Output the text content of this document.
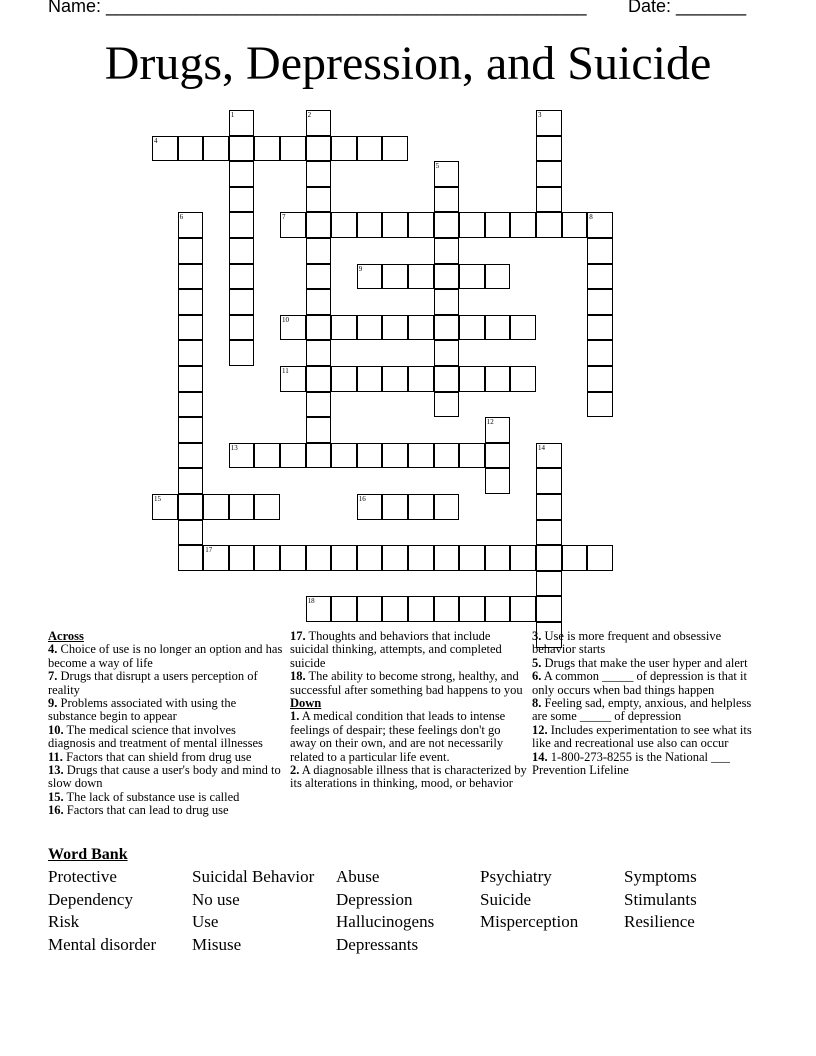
Name: ________________________________________________ Date: _______
Drugs, Depression, and Suicide
1	2	3
4
5
6	7	8
9
10
11
12
13	14
15	16
17
18
Across
4. Choice of use is no longer an option and has become a way of life
7. Drugs that disrupt a users perception of reality
9. Problems associated with using the substance begin to appear
10. The medical science that involves diagnosis and treatment of mental illnesses
11. Factors that can shield from drug use
13. Drugs that cause a user's body and mind to slow down
15. The lack of substance use is called
16. Factors that can lead to drug use
17. Thoughts and behaviors that include suicidal thinking, attempts, and completed suicide
18. The ability to become strong, healthy, and successful after something bad happens to you
Down
1. A medical condition that leads to intense feelings of despair; these feelings don't go away on their own, and are not necessarily related to a particular life event.
2. A diagnosable illness that is characterized by its alterations in thinking, mood, or behavior
3. Use is more frequent and obsessive behavior starts
5. Drugs that make the user hyper and alert
6. A common _____ of depression is that it only occurs when bad things happen
8. Feeling sad, empty, anxious, and helpless are some _____ of depression
12. Includes experimentation to see what its like and recreational use also can occur
14. 1-800-273-8255 is the National ___ Prevention Lifeline
Word Bank
Protective
Dependency
Risk
Mental disorder
Suicidal Behavior
No use
Use
Misuse
Abuse
Depression
Hallucinogens
Depressants
Psychiatry
Suicide
Misperception
Symptoms
Stimulants
Resilience
